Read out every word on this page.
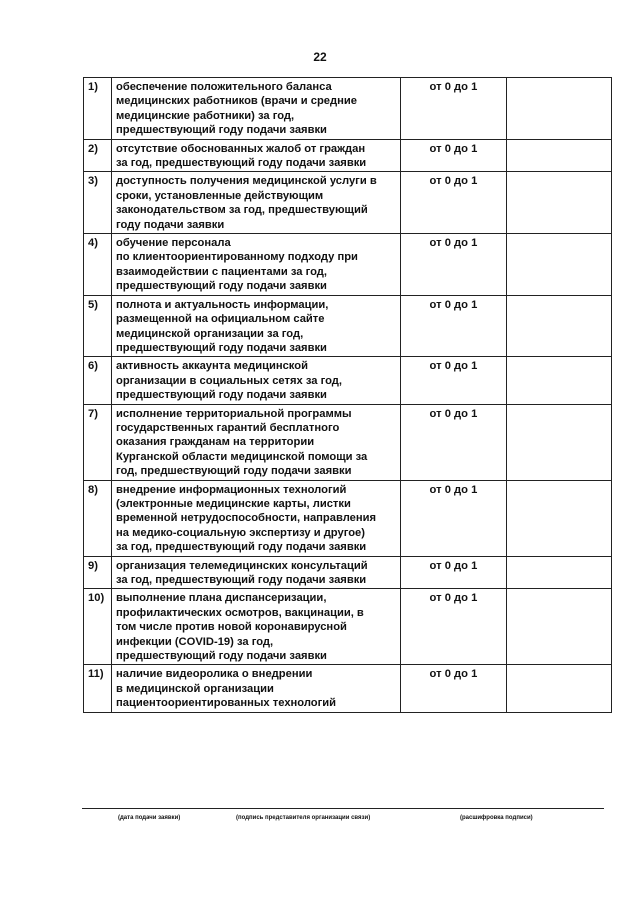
22
1)	обеспечение положительного баланса
медицинских работников (врачи и средние
медицинские работники) за год,
предшествующий году подачи заявки	от 0 до 1	
2)	отсутствие обоснованных жалоб от граждан
за год, предшествующий году подачи заявки	от 0 до 1	
3)	доступность получения медицинской услуги в
сроки, установленные действующим
законодательством за год, предшествующий
году подачи заявки	от 0 до 1	
4)	обучение персонала
по клиентоориентированному подходу при
взаимодействии с пациентами за год,
предшествующий году подачи заявки	от 0 до 1	
5)	полнота и актуальность информации,
размещенной на официальном сайте
медицинской организации за год,
предшествующий году подачи заявки	от 0 до 1	
6)	активность аккаунта медицинской
организации в социальных сетях за год,
предшествующий году подачи заявки	от 0 до 1	
7)	исполнение территориальной программы
государственных гарантий бесплатного
оказания гражданам на территории
Курганской области медицинской помощи за
год, предшествующий году подачи заявки	от 0 до 1	
8)	внедрение информационных технологий
(электронные медицинские карты, листки
временной нетрудоспособности, направления
на медико-социальную экспертизу и другое)
за год, предшествующий году подачи заявки	от 0 до 1	
9)	организация телемедицинских консультаций
за год, предшествующий году подачи заявки	от 0 до 1	
10)	выполнение плана диспансеризации,
профилактических осмотров, вакцинации, в
том числе против новой коронавирусной
инфекции (COVID-19) за год,
предшествующий году подачи заявки	от 0 до 1	
11)	наличие видеоролика о внедрении
в медицинской организации
пациентоориентированных технологий	от 0 до 1	
(дата подачи заявки)	(подпись представителя организации связи)	(расшифровка подписи)
